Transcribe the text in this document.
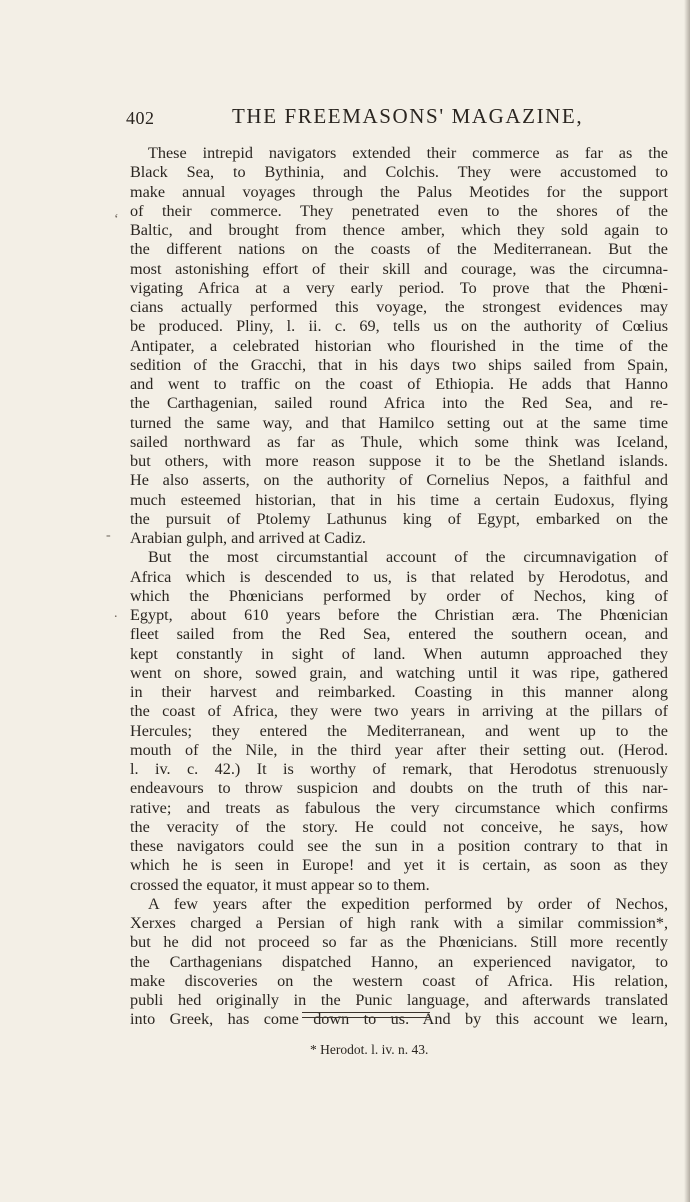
402	THE FREEMASONS' MAGAZINE,
These intrepid navigators extended their commerce as far as the
Black Sea, to Bythinia, and Colchis. They were accustomed to
make annual voyages through the Palus Meotides for the support
of their commerce. They penetrated even to the shores of the
Baltic, and brought from thence amber, which they sold again to
the different nations on the coasts of the Mediterranean. But the
most astonishing effort of their skill and courage, was the circumna-
vigating Africa at a very early period. To prove that the Phœni-
cians actually performed this voyage, the strongest evidences may
be produced. Pliny, l. ii. c. 69, tells us on the authority of Cœlius
Antipater, a celebrated historian who flourished in the time of the
sedition of the Gracchi, that in his days two ships sailed from Spain,
and went to traffic on the coast of Ethiopia. He adds that Hanno
the Carthagenian, sailed round Africa into the Red Sea, and re-
turned the same way, and that Hamilco setting out at the same time
sailed northward as far as Thule, which some think was Iceland,
but others, with more reason suppose it to be the Shetland islands.
He also asserts, on the authority of Cornelius Nepos, a faithful and
much esteemed historian, that in his time a certain Eudoxus, flying
the pursuit of Ptolemy Lathunus king of Egypt, embarked on the
Arabian gulph, and arrived at Cadiz.
But the most circumstantial account of the circumnavigation of
Africa which is descended to us, is that related by Herodotus, and
which the Phœnicians performed by order of Nechos, king of
Egypt, about 610 years before the Christian æra. The Phœnician
fleet sailed from the Red Sea, entered the southern ocean, and
kept constantly in sight of land. When autumn approached they
went on shore, sowed grain, and watching until it was ripe, gathered
in their harvest and reimbarked. Coasting in this manner along
the coast of Africa, they were two years in arriving at the pillars of
Hercules; they entered the Mediterranean, and went up to the
mouth of the Nile, in the third year after their setting out. (Herod.
l. iv. c. 42.) It is worthy of remark, that Herodotus strenuously
endeavours to throw suspicion and doubts on the truth of this nar-
rative; and treats as fabulous the very circumstance which confirms
the veracity of the story. He could not conceive, he says, how
these navigators could see the sun in a position contrary to that in
which he is seen in Europe! and yet it is certain, as soon as they
crossed the equator, it must appear so to them.
A few years after the expedition performed by order of Nechos,
Xerxes charged a Persian of high rank with a similar commission*,
but he did not proceed so far as the Phœnicians. Still more recently
the Carthagenians dispatched Hanno, an experienced navigator, to
make discoveries on the western coast of Africa. His relation,
publi hed originally in the Punic language, and afterwards translated
into Greek, has come down to us. And by this account we learn,
‘
-
.
* Herodot. l. iv. n. 43.
